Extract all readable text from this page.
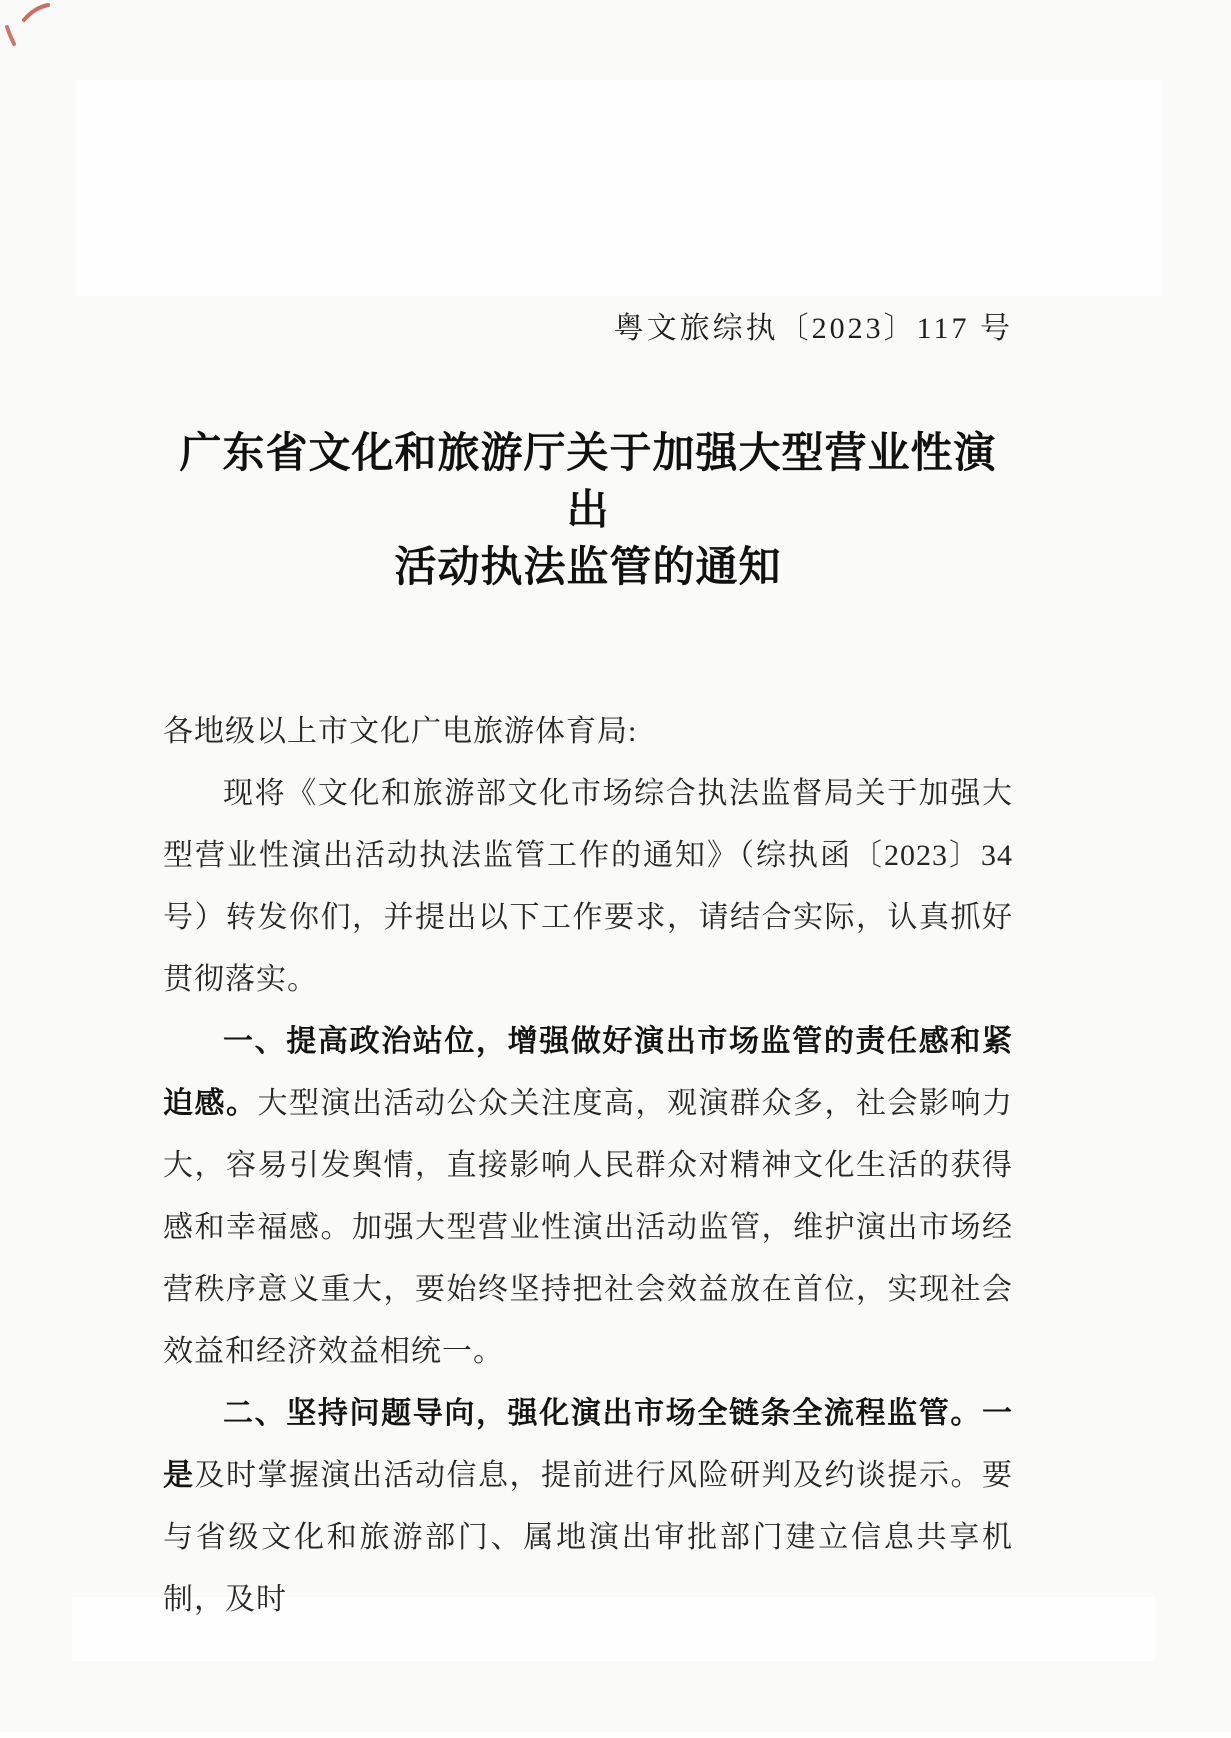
粤文旅综执〔2023〕117 号
广东省文化和旅游厅关于加强大型营业性演出
活动执法监管的通知

各地级以上市文化广电旅游体育局:

现将《文化和旅游部文化市场综合执法监督局关于加强大型营业性演出活动执法监管工作的通知》（综执函〔2023〕34 号）转发你们，并提出以下工作要求，请结合实际，认真抓好贯彻落实。

一、提高政治站位，增强做好演出市场监管的责任感和紧迫感。大型演出活动公众关注度高，观演群众多，社会影响力大，容易引发舆情，直接影响人民群众对精神文化生活的获得感和幸福感。加强大型营业性演出活动监管，维护演出市场经营秩序意义重大，要始终坚持把社会效益放在首位，实现社会效益和经济效益相统一。

二、坚持问题导向，强化演出市场全链条全流程监管。一是及时掌握演出活动信息，提前进行风险研判及约谈提示。要与省级文化和旅游部门、属地演出审批部门建立信息共享机制，及时
